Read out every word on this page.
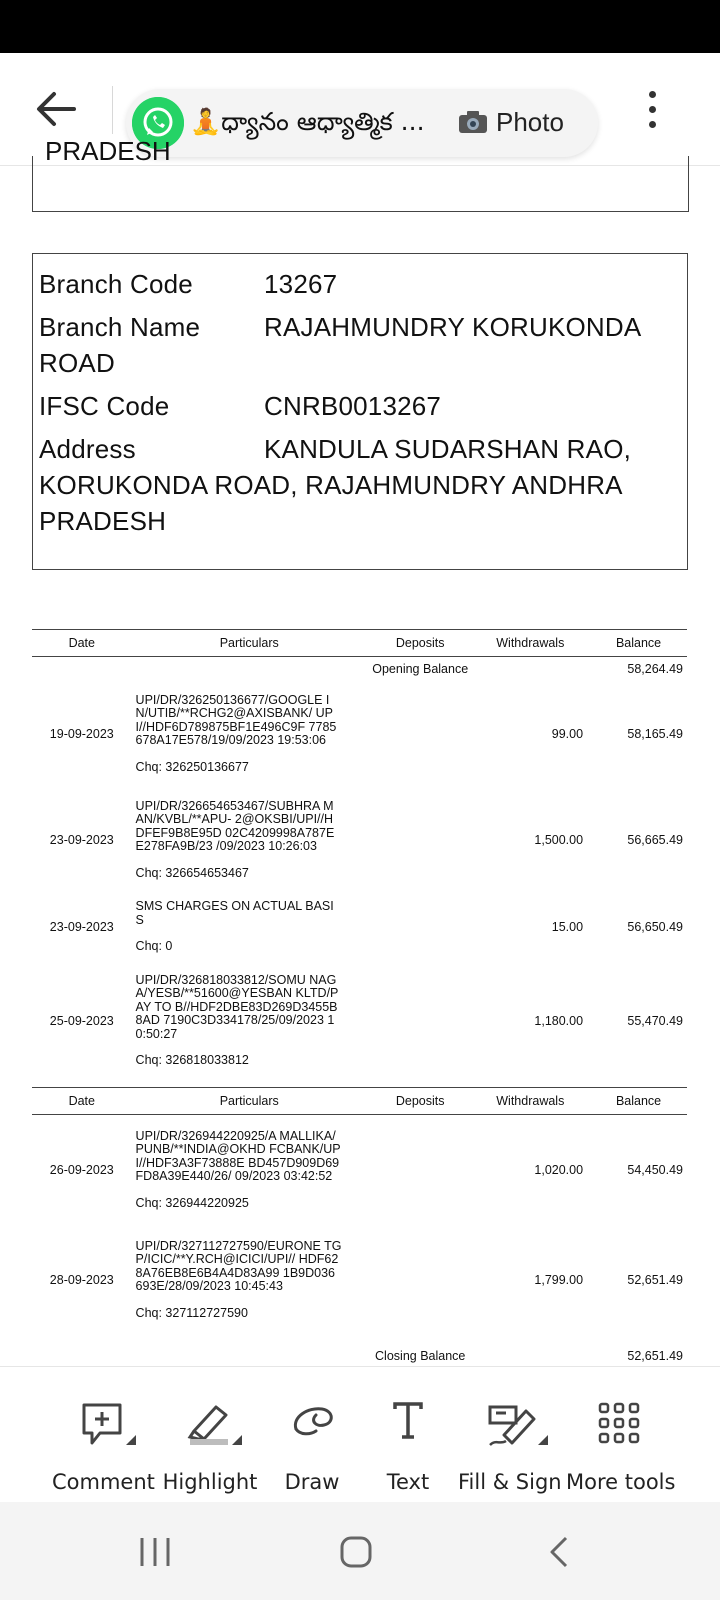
🧘ధ్యానం ఆధ్యాత్మిక ...	Photo
PRADESH
Branch Code	13267
Branch Name RAJAHMUNDRY KORUKONDA
ROAD
IFSC Code	CNRB0013267
Address	KANDULA SUDARSHAN RAO,
KORUKONDA ROAD, RAJAHMUNDRY ANDHRA
PRADESH
Date	Particulars	Deposits	Withdrawals	Balance
		Opening Balance		58,264.49
19-09-2023	UPI/DR/326250136677/GOOGLE IN/UTIB/**RCHG2@AXISBANK/ UPI//HDF6D789875BF1E496C9F 7785678A17E578/19/09/2023 19:53:06
Chq: 326250136677		99.00	58,165.49
23-09-2023	UPI/DR/326654653467/SUBHRA MAN/KVBL/**APU- 2@OKSBI/UPI//HDFEF9B8E95D 02C4209998A787EE278FA9B/23 /09/2023 10:26:03
Chq: 326654653467		1,500.00	56,665.49
23-09-2023	SMS CHARGES ON ACTUAL BASIS
Chq: 0		15.00	56,650.49
25-09-2023	UPI/DR/326818033812/SOMU NAGA/YESB/**51600@YESBAN KLTD/PAY TO B//HDF2DBE83D269D3455B8AD 7190C3D334178/25/09/2023 10:50:27
Chq: 326818033812		1,180.00	55,470.49
Date	Particulars	Deposits	Withdrawals	Balance
26-09-2023	UPI/DR/326944220925/A MALLIKA/PUNB/**INDIA@OKHD FCBANK/UPI//HDF3A3F73888E BD457D909D69FD8A39E440/26/ 09/2023 03:42:52
Chq: 326944220925		1,020.00	54,450.49
28-09-2023	UPI/DR/327112727590/EURONE TGP/ICIC/**Y.RCH@ICICI/UPI// HDF628A76EB8E6B4A4D83A99 1B9D036693E/28/09/2023 10:45:43
Chq: 327112727590		1,799.00	52,651.49
		Closing Balance		52,651.49
Comment Highlight	Draw	Text	Fill & Sign More tools
